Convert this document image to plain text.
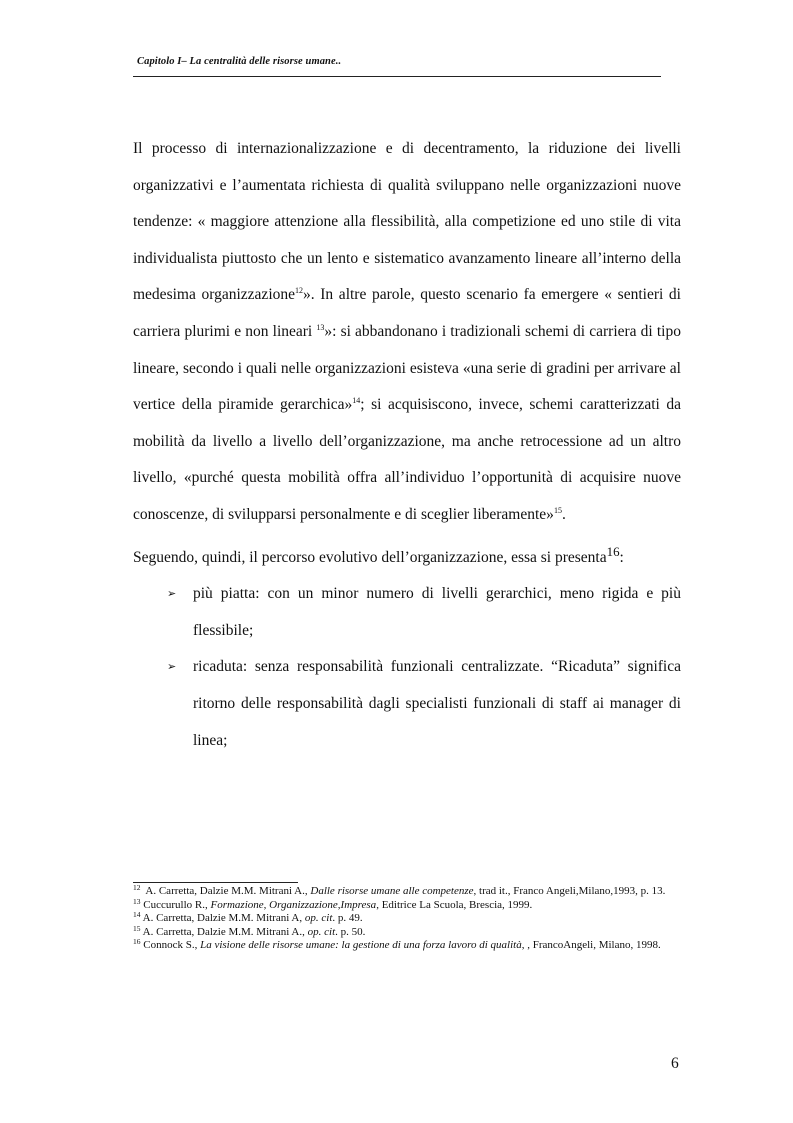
Capitolo I– La centralità delle risorse umane..

Il processo di internazionalizzazione e di decentramento, la riduzione dei livelli organizzativi e l’aumentata richiesta di qualità sviluppano nelle organizzazioni nuove tendenze: « maggiore attenzione alla flessibilità, alla competizione ed uno stile di vita individualista piuttosto che un lento e sistematico avanzamento lineare all’interno della medesima organizzazione$^{12}$». In altre parole, questo scenario fa emergere « sentieri di carriera plurimi e non lineari $^{13}$»: si abbandonano i tradizionali schemi di carriera di tipo lineare, secondo i quali nelle organizzazioni esisteva «una serie di gradini per arrivare al vertice della piramide gerarchica»$^{14}$; si acquisiscono, invece, schemi caratterizzati da mobilità da livello a livello dell’organizzazione, ma anche retrocessione ad un altro livello, «purché questa mobilità offra all’individuo l’opportunità di acquisire nuove conoscenze, di svilupparsi personalmente e di sceglier liberamente»$^{15}$.

Seguendo, quindi, il percorso evolutivo dell’organizzazione, essa si presenta$^{16}$:

➢ più piatta: con un minor numero di livelli gerarchici, meno rigida e più flessibile;
➢ ricaduta: senza responsabilità funzionali centralizzate. “Ricaduta” significa ritorno delle responsabilità dagli specialisti funzionali di staff ai manager di linea;

$^{12}$ A. Carretta, Dalzie M.M. Mitrani A., Dalle risorse umane alle competenze, trad it., Franco Angeli,Milano,1993, p. 13.

$^{13}$ Cuccurullo R., Formazione, Organizzazione,Impresa, Editrice La Scuola, Brescia, 1999.

$^{14}$ A. Carretta, Dalzie M.M. Mitrani A, op. cit. p. 49.

$^{15}$ A. Carretta, Dalzie M.M. Mitrani A., op. cit. p. 50.

$^{16}$ Connock S., La visione delle risorse umane: la gestione di una forza lavoro di qualità, , FrancoAngeli, Milano, 1998.

6
